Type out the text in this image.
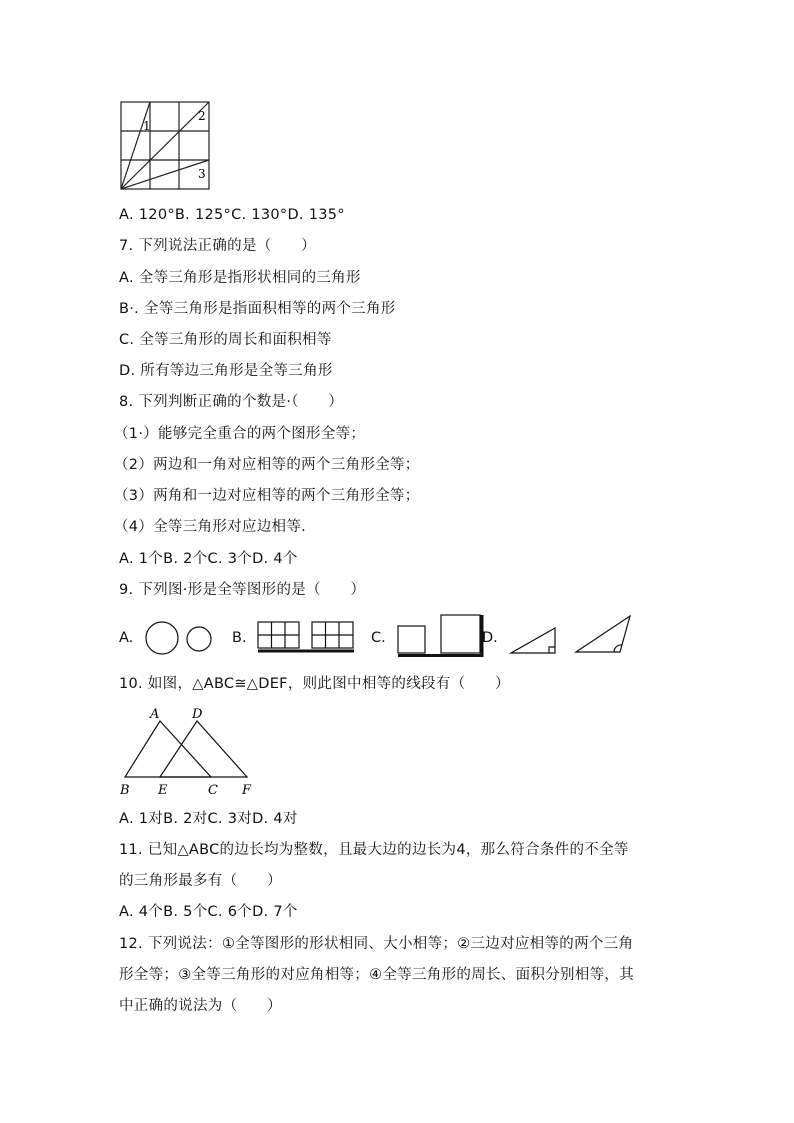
1
2
3
A. 120°B. 125°C. 130°D. 135°
7. 下列说法正确的是（　　）
A. 全等三角形是指形状相同的三角形
B·. 全等三角形是指面积相等的两个三角形
C. 全等三角形的周长和面积相等
D. 所有等边三角形是全等三角形
8. 下列判断正确的个数是·（　　）
（1·）能够完全重合的两个图形全等；
（2）两边和一角对应相等的两个三角形全等；
（3）两角和一边对应相等的两个三角形全等；
（4）全等三角形对应边相等.
A. 1个B. 2个C. 3个D. 4个
9. 下列图·形是全等图形的是（　　）
A.	B.	C.	D.
10. 如图，△ABC≅△DEF，则此图中相等的线段有（　　）
A	D
B E	C F
A. 1对B. 2对C. 3对D. 4对
11. 已知△ABC的边长均为整数，且最大边的边长为4，那么符合条件的不全等
的三角形最多有（　　）
A. 4个B. 5个C. 6个D. 7个
12. 下列说法：①全等图形的形状相同、大小相等；②三边对应相等的两个三角
形全等；③全等三角形的对应角相等；④全等三角形的周长、面积分别相等，其
中正确的说法为（　　）
